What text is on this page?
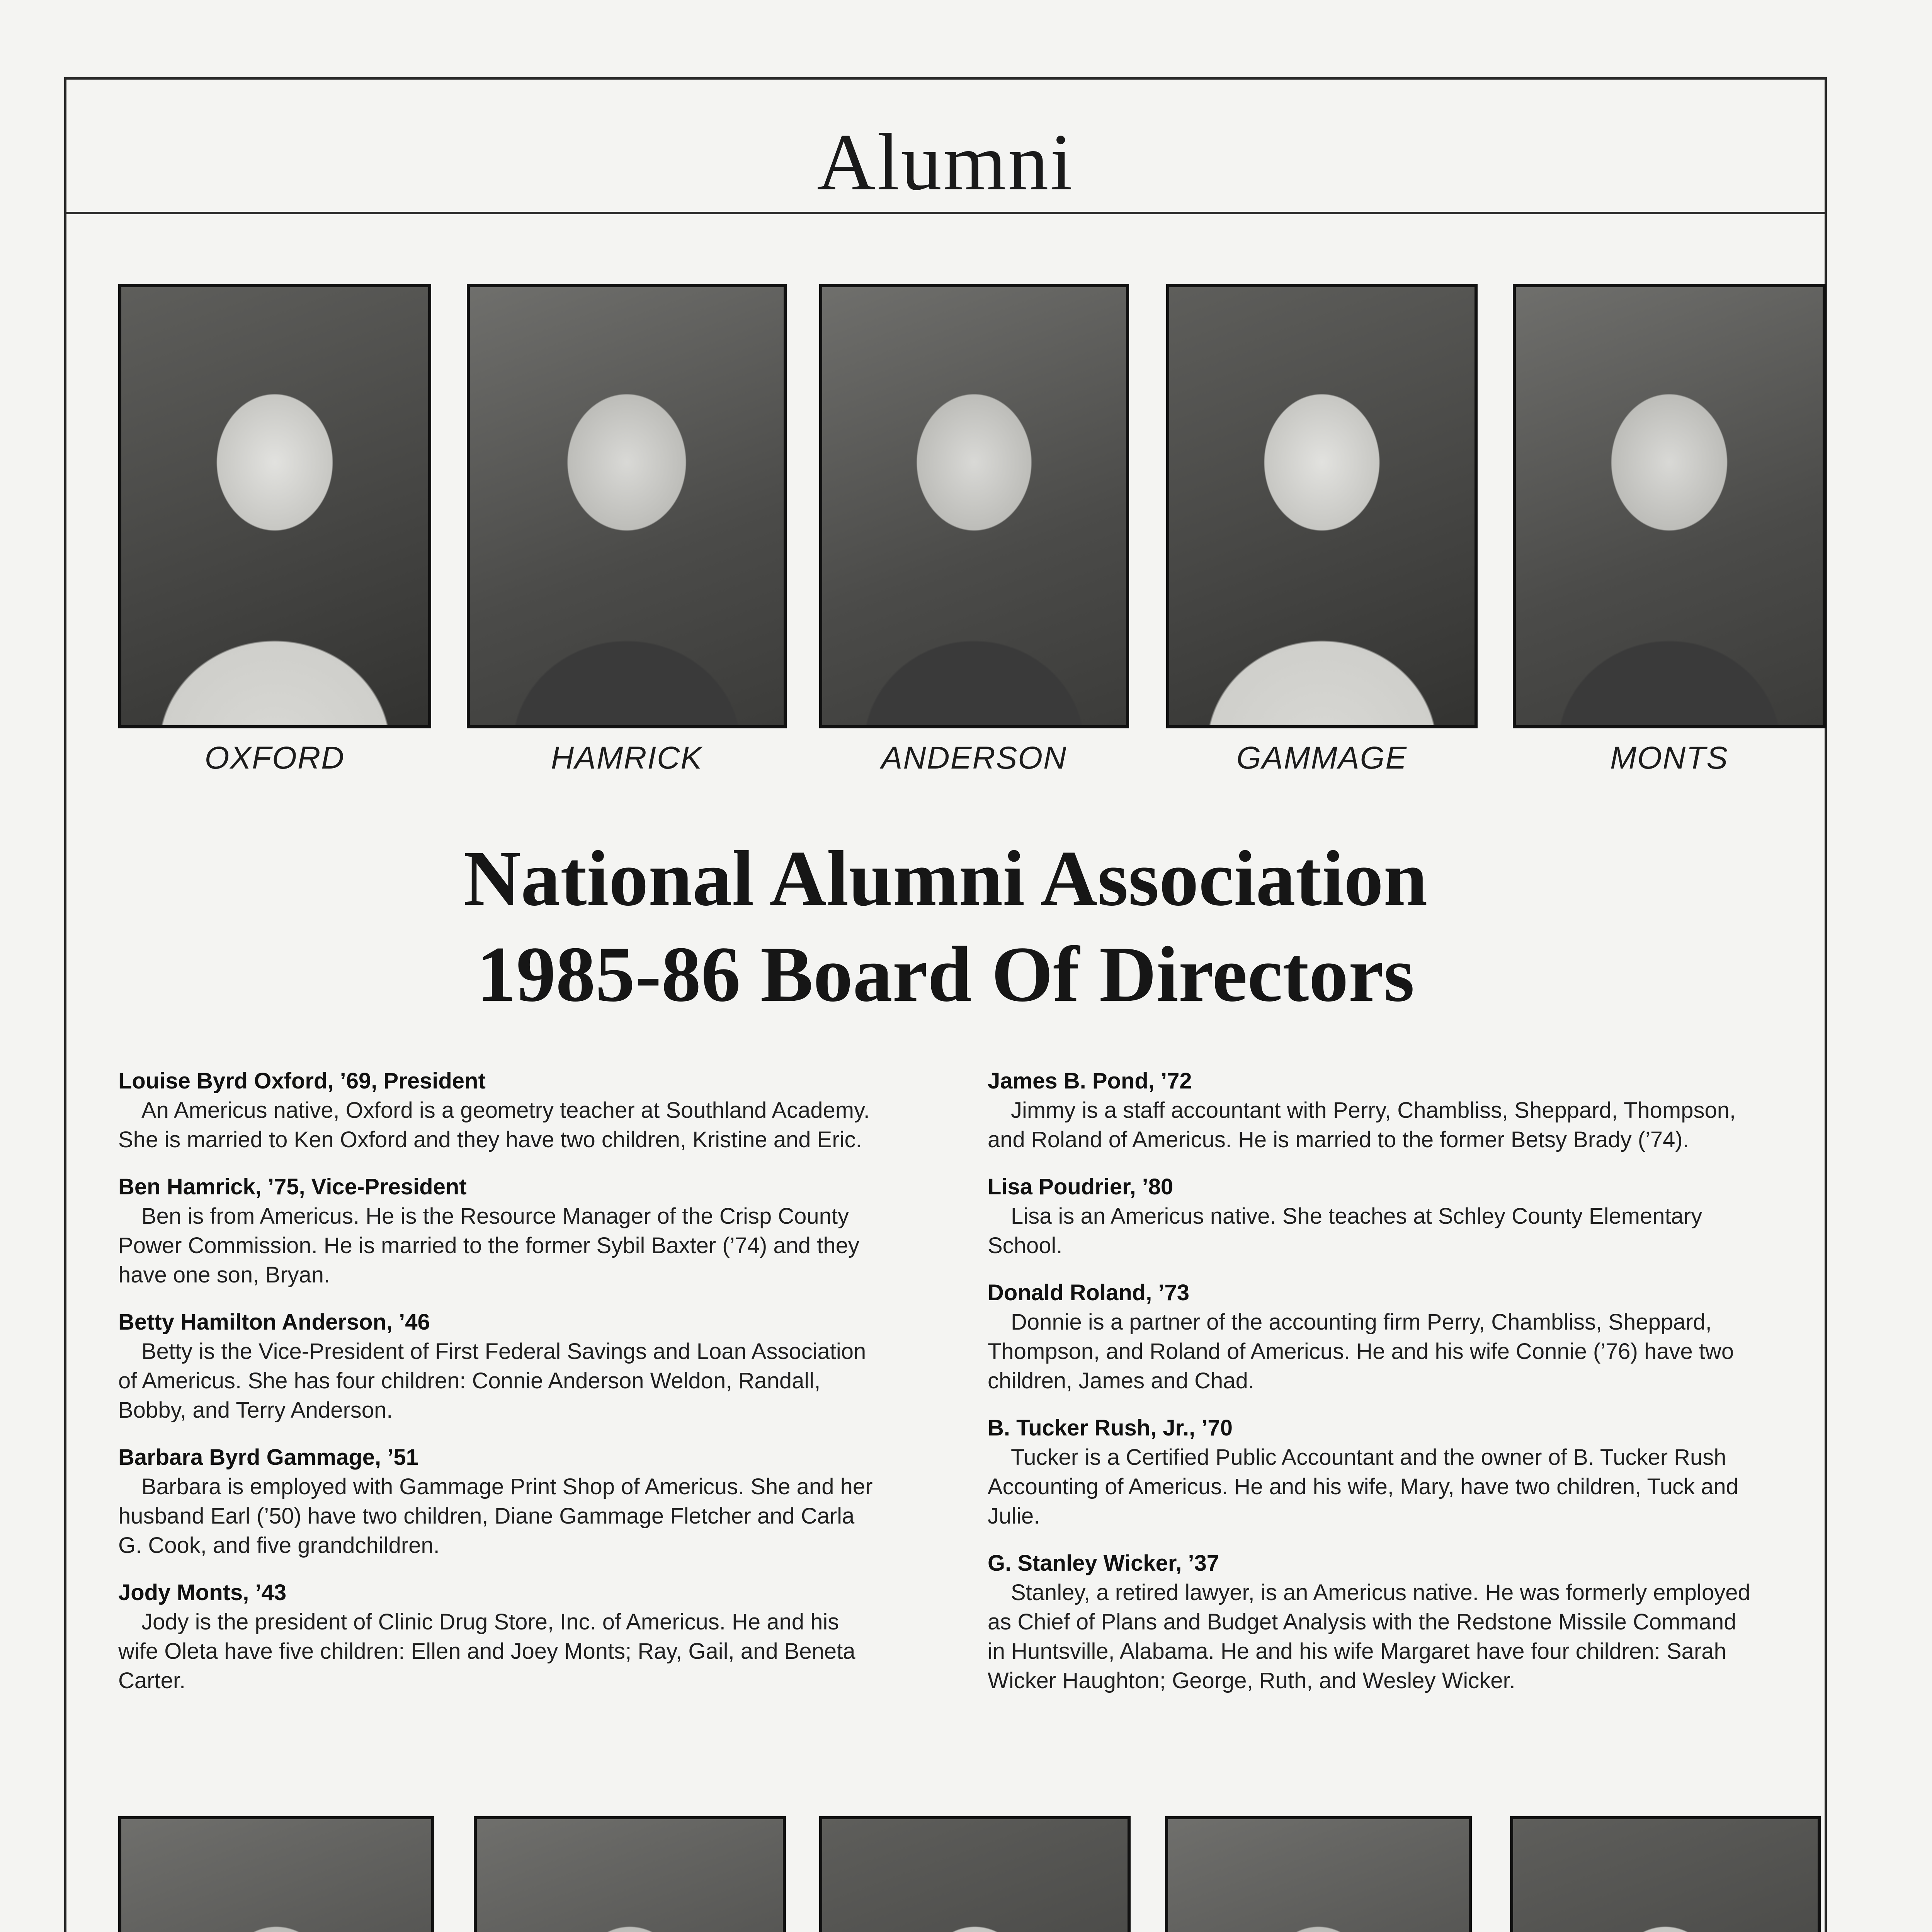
Alumni
OXFORD	HAMRICK	ANDERSON	GAMMAGE	MONTS
National Alumni Association
1985-86 Board Of Directors
Louise Byrd Oxford, ’69, President
An Americus native, Oxford is a geometry teacher at Southland Academy. She is married to Ken Oxford and they have two children, Kristine and Eric.
Ben Hamrick, ’75, Vice-President
Ben is from Americus. He is the Resource Manager of the Crisp County Power Commission. He is married to the former Sybil Baxter (’74) and they have one son, Bryan.
Betty Hamilton Anderson, ’46
Betty is the Vice-President of First Federal Savings and Loan Association of Americus. She has four children: Connie Anderson Weldon, Randall, Bobby, and Terry Anderson.
Barbara Byrd Gammage, ’51
Barbara is employed with Gammage Print Shop of Americus. She and her husband Earl (’50) have two children, Diane Gammage Fletcher and Carla G. Cook, and five grandchildren.
Jody Monts, ’43
Jody is the president of Clinic Drug Store, Inc. of Americus. He and his wife Oleta have five children: Ellen and Joey Monts; Ray, Gail, and Beneta Carter.
James B. Pond, ’72
Jimmy is a staff accountant with Perry, Chambliss, Sheppard, Thompson, and Roland of Americus. He is married to the former Betsy Brady (’74).
Lisa Poudrier, ’80
Lisa is an Americus native. She teaches at Schley County Elementary School.
Donald Roland, ’73
Donnie is a partner of the accounting firm Perry, Chambliss, Sheppard, Thompson, and Roland of Americus. He and his wife Connie (’76) have two children, James and Chad.
B. Tucker Rush, Jr., ’70
Tucker is a Certified Public Accountant and the owner of B. Tucker Rush Accounting of Americus. He and his wife, Mary, have two children, Tuck and Julie.
G. Stanley Wicker, ’37
Stanley, a retired lawyer, is an Americus native. He was formerly employed as Chief of Plans and Budget Analysis with the Redstone Missile Command in Huntsville, Alabama. He and his wife Margaret have four children: Sarah Wicker Haughton; George, Ruth, and Wesley Wicker.
